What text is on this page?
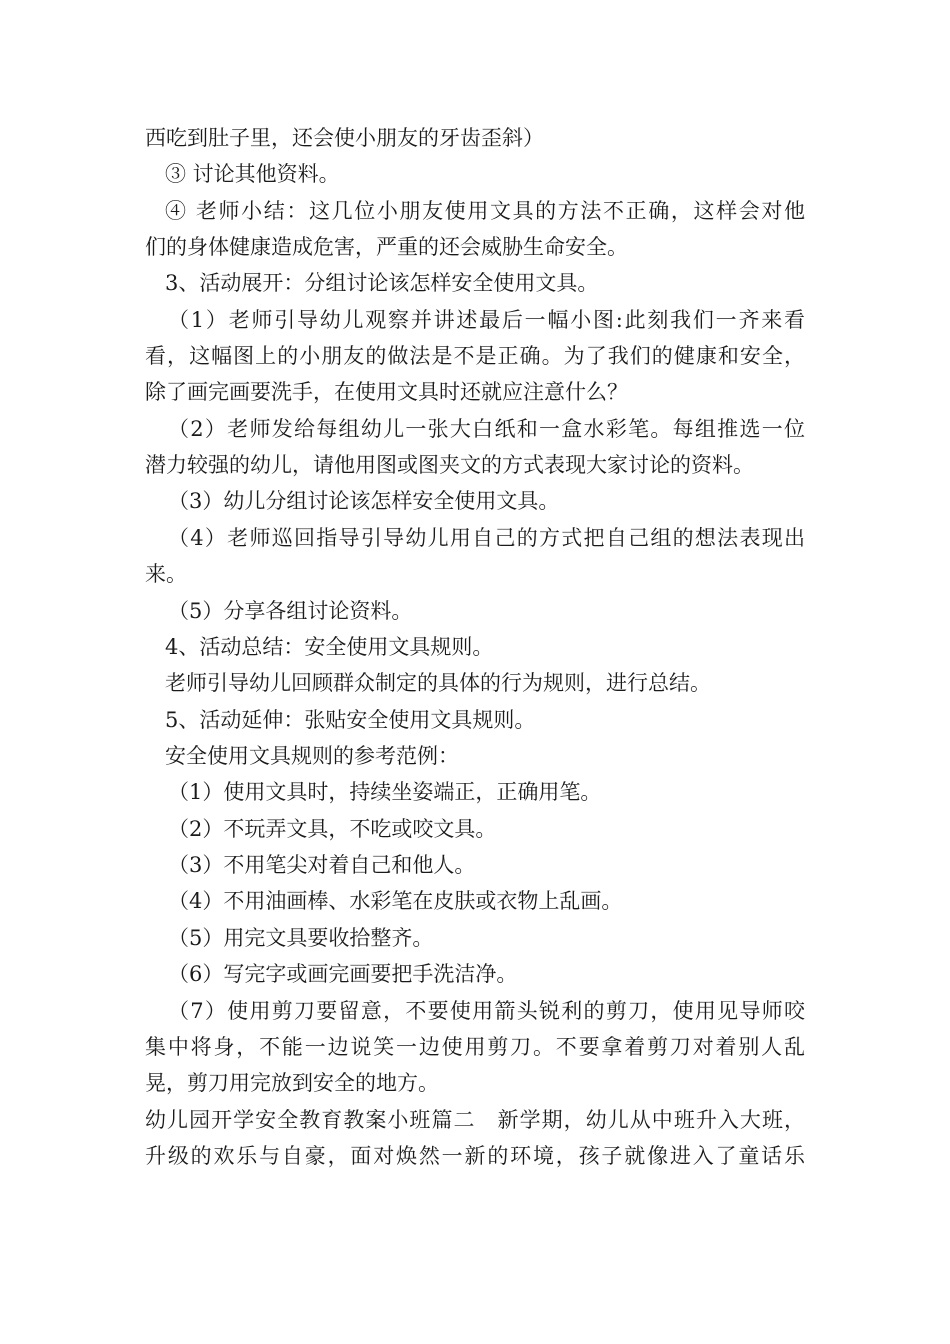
西吃到肚子里，还会使小朋友的牙齿歪斜）
③ 讨论其他资料。
④ 老师小结：这几位小朋友使用文具的方法不正确，这样会对他
们的身体健康造成危害，严重的还会威胁生命安全。
3、活动展开：分组讨论该怎样安全使用文具。
（1）老师引导幼儿观察并讲述最后一幅小图:此刻我们一齐来看
看，这幅图上的小朋友的做法是不是正确。为了我们的健康和安全，
除了画完画要洗手，在使用文具时还就应注意什么？
（2）老师发给每组幼儿一张大白纸和一盒水彩笔。每组推选一位
潜力较强的幼儿，请他用图或图夹文的方式表现大家讨论的资料。
（3）幼儿分组讨论该怎样安全使用文具。
（4）老师巡回指导引导幼儿用自己的方式把自己组的想法表现出
来。
（5）分享各组讨论资料。
4、活动总结：安全使用文具规则。
老师引导幼儿回顾群众制定的具体的行为规则，进行总结。
5、活动延伸：张贴安全使用文具规则。
安全使用文具规则的参考范例：
（1）使用文具时，持续坐姿端正，正确用笔。
（2）不玩弄文具，不吃或咬文具。
（3）不用笔尖对着自己和他人。
（4）不用油画棒、水彩笔在皮肤或衣物上乱画。
（5）用完文具要收拾整齐。
（6）写完字或画完画要把手洗洁净。
（7）使用剪刀要留意，不要使用箭头锐利的剪刀，使用见导师咬
集中将身，不能一边说笑一边使用剪刀。不要拿着剪刀对着别人乱
晃，剪刀用完放到安全的地方。
幼儿园开学安全教育教案小班篇二　新学期，幼儿从中班升入大班，
升级的欢乐与自豪，面对焕然一新的环境，孩子就像进入了童话乐
